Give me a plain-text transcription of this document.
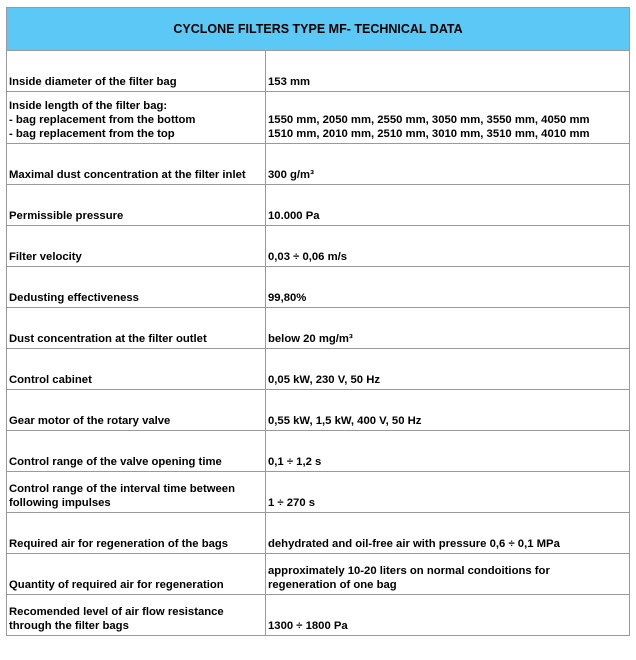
CYCLONE FILTERS TYPE MF- TECHNICAL DATA	

Inside diameter of the filter bag	153 mm

Inside length of the filter bag:
- bag replacement from the bottom
- bag replacement from the top	1550 mm, 2050 mm, 2550 mm, 3050 mm, 3550 mm, 4050 mm
1510 mm, 2010 mm, 2510 mm, 3010 mm, 3510 mm, 4010 mm

Maximal dust concentration at the filter inlet	300 g/m³

Permissible pressure	10.000 Pa

Filter velocity	0,03 ÷ 0,06 m/s

Dedusting effectiveness	99,80%

Dust concentration at the filter outlet	below 20 mg/m³

Control cabinet	0,05 kW, 230 V, 50 Hz

Gear motor of the rotary valve	0,55 kW, 1,5 kW, 400 V, 50 Hz

Control range of the valve opening time	0,1 ÷ 1,2 s

Control range of the interval time between
following impulses	1 ÷ 270 s

Required air for regeneration of the bags	dehydrated and oil-free air with pressure 0,6 ÷ 0,1 MPa

Quantity of required air for regeneration	approximately 10-20 liters on normal condoitions for
regeneration of one bag

Recomended level of air flow resistance
through the filter bags	1300 ÷ 1800 Pa
